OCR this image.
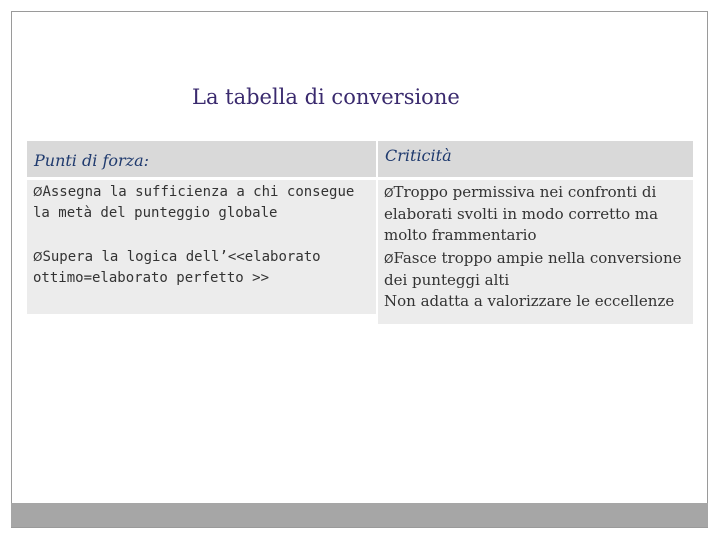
La tabella di conversione
Punti di forza:	Criticità

ØAssegna la sufficienza a chi consegue la metà del punteggio globale

ØSupera la logica dell’<<elaborato ottimo=elaborato perfetto >>

ØTroppo permissiva nei confronti di elaborati svolti in modo corretto ma molto frammentario

ØFasce troppo ampie nella conversione dei punteggi alti

Non adatta a valorizzare le eccellenze
